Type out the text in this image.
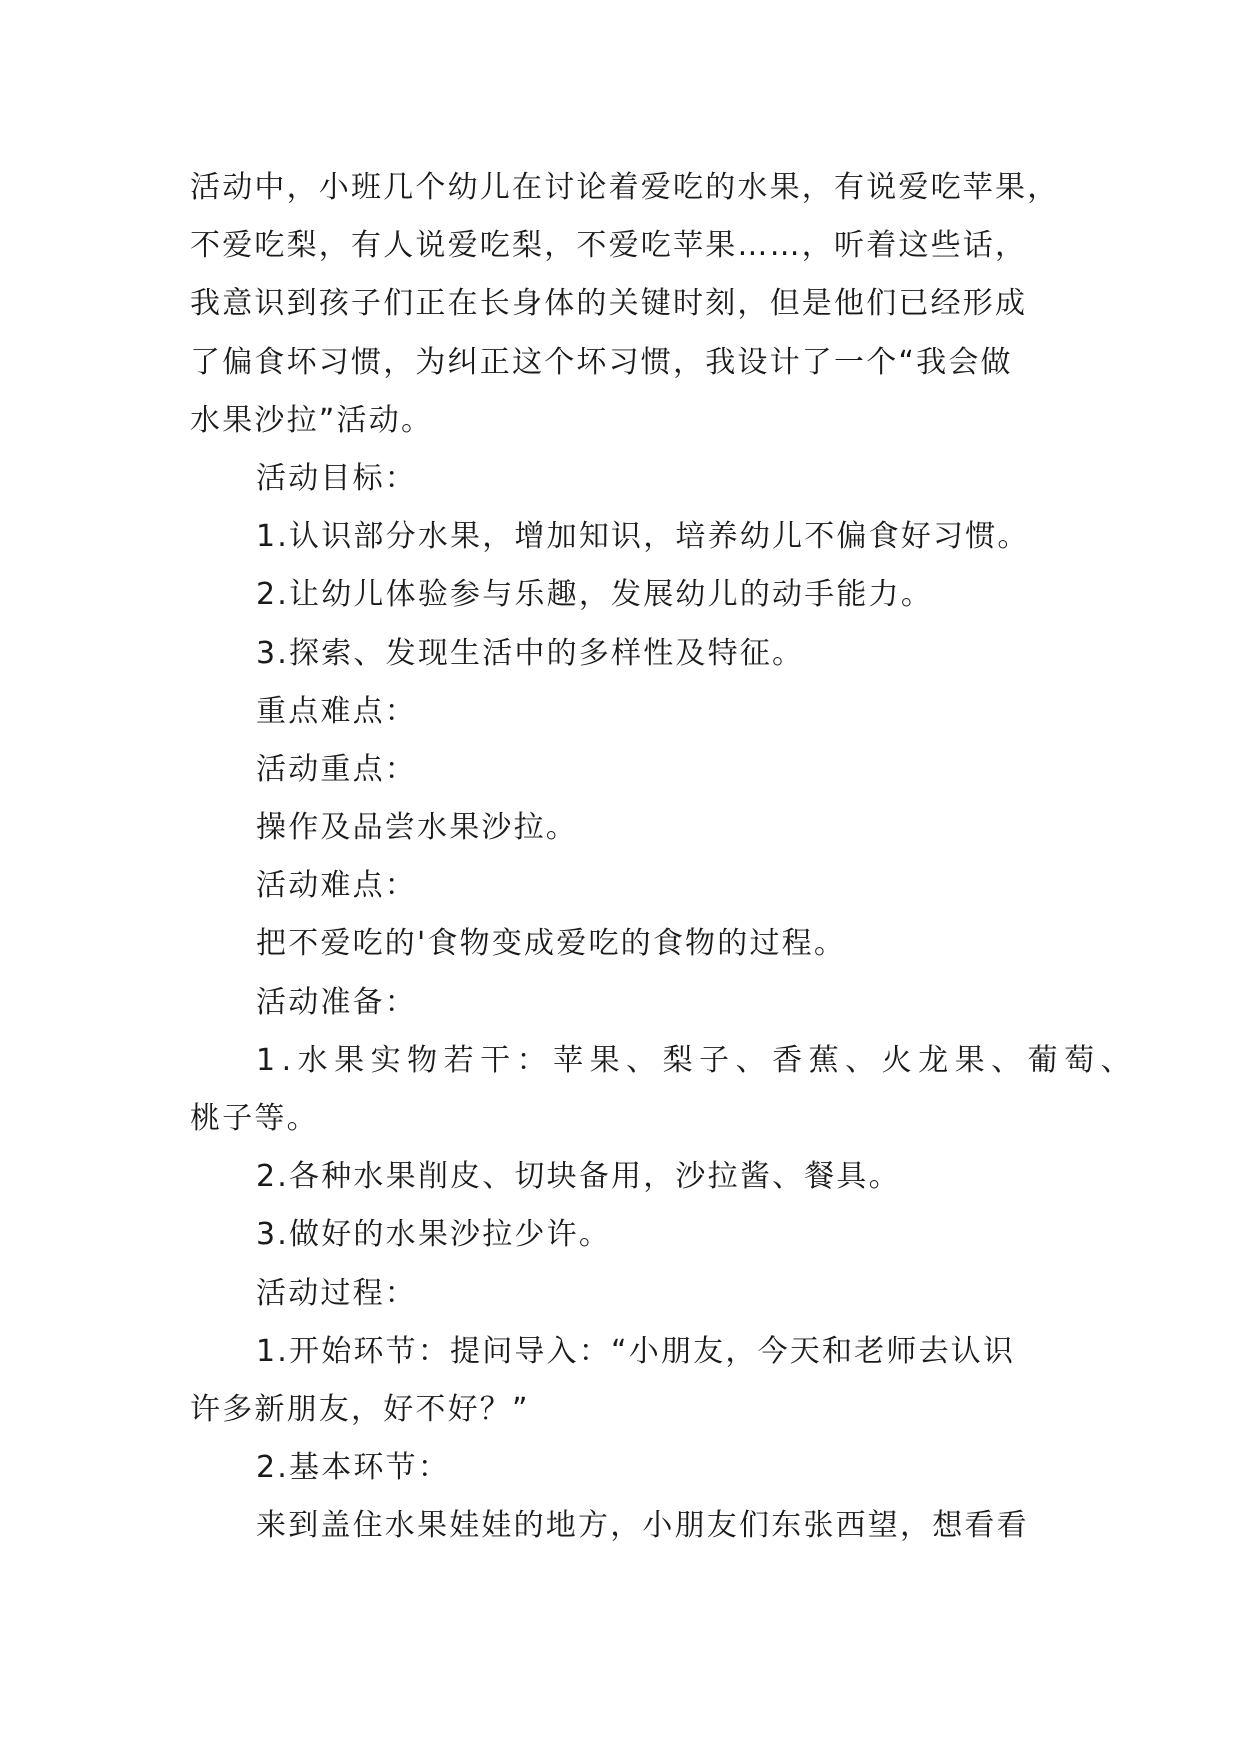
活动中，小班几个幼儿在讨论着爱吃的水果，有说爱吃苹果，
不爱吃梨，有人说爱吃梨，不爱吃苹果……，听着这些话，
我意识到孩子们正在长身体的关键时刻，但是他们已经形成
了偏食坏习惯，为纠正这个坏习惯，我设计了一个“我会做
水果沙拉”活动。
活动目标：
1.认识部分水果，增加知识，培养幼儿不偏食好习惯。
2.让幼儿体验参与乐趣，发展幼儿的动手能力。
3.探索、发现生活中的多样性及特征。
重点难点：
活动重点：
操作及品尝水果沙拉。
活动难点：
把不爱吃的'食物变成爱吃的食物的过程。
活动准备：
1.水果实物若干：苹果、梨子、香蕉、火龙果、葡萄、
桃子等。
2.各种水果削皮、切块备用，沙拉酱、餐具。
3.做好的水果沙拉少许。
活动过程：
1.开始环节：提问导入：“小朋友，今天和老师去认识
许多新朋友，好不好？”
2.基本环节：
来到盖住水果娃娃的地方，小朋友们东张西望，想看看
